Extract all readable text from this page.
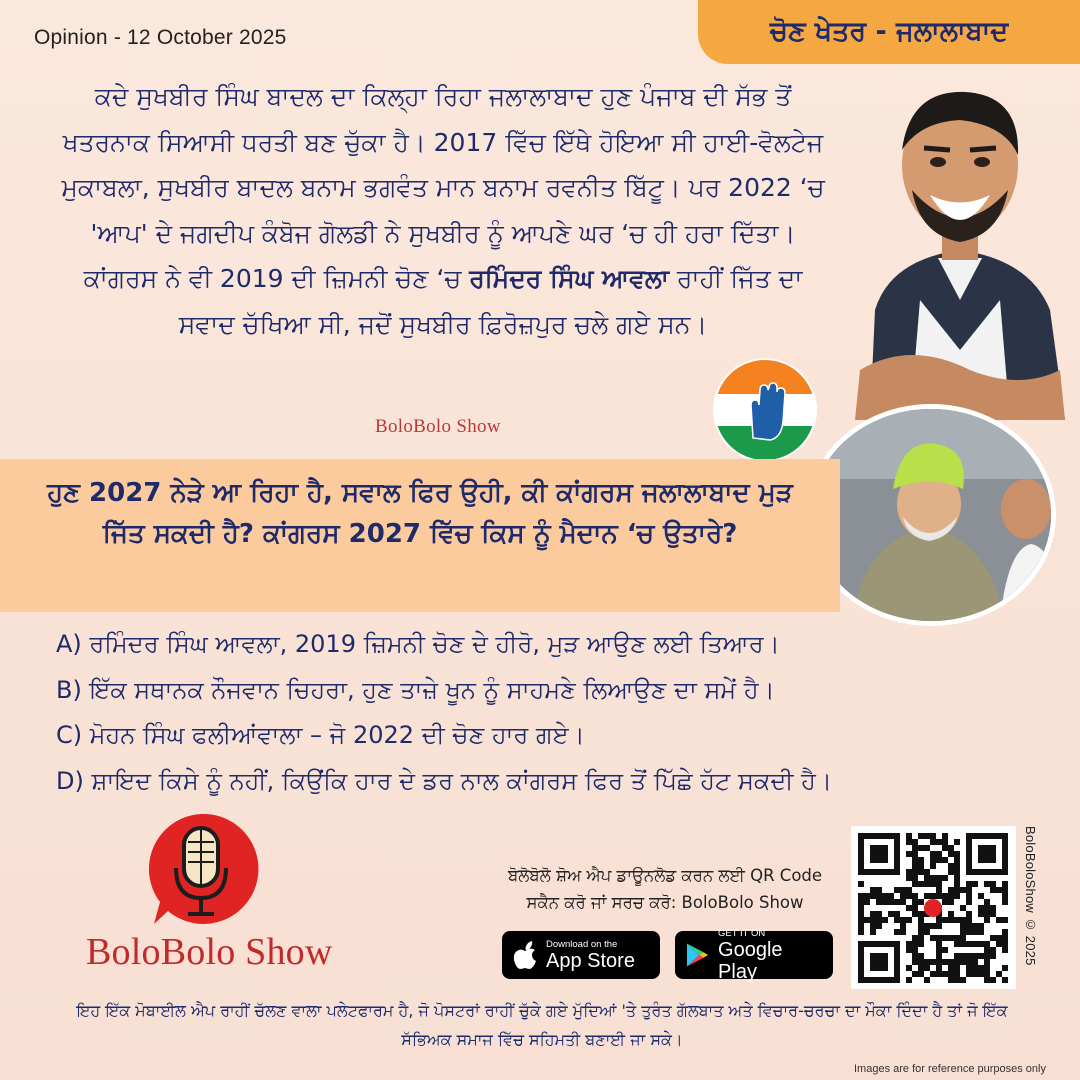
Opinion - 12 October 2025	ਚੋਣ ਖੇਤਰ - ਜਲਾਲਾਬਾਦ

ਕਦੇ ਸੁਖਬੀਰ ਸਿੰਘ ਬਾਦਲ ਦਾ ਕਿਲ੍ਹਾ ਰਿਹਾ ਜਲਾਲਾਬਾਦ ਹੁਣ ਪੰਜਾਬ ਦੀ ਸੱਭ ਤੋਂ ਖਤਰਨਾਕ ਸਿਆਸੀ ਧਰਤੀ ਬਣ ਚੁੱਕਾ ਹੈ। 2017 ਵਿੱਚ ਇੱਥੇ ਹੋਇਆ ਸੀ ਹਾਈ-ਵੋਲਟੇਜ ਮੁਕਾਬਲਾ, ਸੁਖਬੀਰ ਬਾਦਲ ਬਨਾਮ ਭਗਵੰਤ ਮਾਨ ਬਨਾਮ ਰਵਨੀਤ ਬਿੱਟੂ। ਪਰ 2022 ‘ਚ 'ਆਪ' ਦੇ ਜਗਦੀਪ ਕੰਬੋਜ ਗੋਲਡੀ ਨੇ ਸੁਖਬੀਰ ਨੂੰ ਆਪਣੇ ਘਰ ‘ਚ ਹੀ ਹਰਾ ਦਿੱਤਾ। ਕਾਂਗਰਸ ਨੇ ਵੀ 2019 ਦੀ ਜ਼ਿਮਨੀ ਚੋਣ ‘ਚ ਰਮਿੰਦਰ ਸਿੰਘ ਆਵਲਾ ਰਾਹੀਂ ਜਿੱਤ ਦਾ ਸਵਾਦ ਚੱਖਿਆ ਸੀ, ਜਦੋਂ ਸੁਖਬੀਰ ਫ਼ਿਰੋਜ਼ਪੁਰ ਚਲੇ ਗਏ ਸਨ।

BoloBolo Show

ਹੁਣ 2027 ਨੇੜੇ ਆ ਰਿਹਾ ਹੈ, ਸਵਾਲ ਫਿਰ ਉਹੀ, ਕੀ ਕਾਂਗਰਸ ਜਲਾਲਾਬਾਦ ਮੁੜ ਜਿੱਤ ਸਕਦੀ ਹੈ? ਕਾਂਗਰਸ 2027 ਵਿੱਚ ਕਿਸ ਨੂੰ ਮੈਦਾਨ ‘ਚ ਉਤਾਰੇ?

A) ਰਮਿੰਦਰ ਸਿੰਘ ਆਵਲਾ, 2019 ਜ਼ਿਮਨੀ ਚੋਣ ਦੇ ਹੀਰੋ, ਮੁੜ ਆਉਣ ਲਈ ਤਿਆਰ।
B) ਇੱਕ ਸਥਾਨਕ ਨੌਜਵਾਨ ਚਿਹਰਾ, ਹੁਣ ਤਾਜ਼ੇ ਖੂਨ ਨੂੰ ਸਾਹਮਣੇ ਲਿਆਉਣ ਦਾ ਸਮੇਂ ਹੈ।
C) ਮੋਹਨ ਸਿੰਘ ਫਲੀਆਂਵਾਲਾ – ਜੋ 2022 ਦੀ ਚੋਣ ਹਾਰ ਗਏ।
D) ਸ਼ਾਇਦ ਕਿਸੇ ਨੂੰ ਨਹੀਂ, ਕਿਉਂਕਿ ਹਾਰ ਦੇ ਡਰ ਨਾਲ ਕਾਂਗਰਸ ਫਿਰ ਤੋਂ ਪਿੱਛੇ ਹੱਟ ਸਕਦੀ ਹੈ।
BoloBolo Show
ਬੋਲੋਬੋਲੋ ਸ਼ੋਅ ਐਪ ਡਾਊਨਲੋਡ ਕਰਨ ਲਈ QR Code
ਸਕੈਨ ਕਰੋ ਜਾਂ ਸਰਚ ਕਰੋ: BoloBolo Show
Download on the
App Store
GET IT ON
Google Play
BoloBoloShow © 2025

ਇਹ ਇੱਕ ਮੋਬਾਈਲ ਐਪ ਰਾਹੀਂ ਚੱਲਣ ਵਾਲਾ ਪਲੇਟਫਾਰਮ ਹੈ, ਜੋ ਪੋਸਟਰਾਂ ਰਾਹੀਂ ਚੁੱਕੇ ਗਏ ਮੁੱਦਿਆਂ 'ਤੇ ਤੁਰੰਤ ਗੱਲਬਾਤ ਅਤੇ ਵਿਚਾਰ-ਚਰਚਾ ਦਾ ਮੌਕਾ ਦਿੰਦਾ ਹੈ ਤਾਂ ਜੋ ਇੱਕ ਸੱਭਿਅਕ ਸਮਾਜ ਵਿੱਚ ਸਹਿਮਤੀ ਬਣਾਈ ਜਾ ਸਕੇ।

Images are for reference purposes only
